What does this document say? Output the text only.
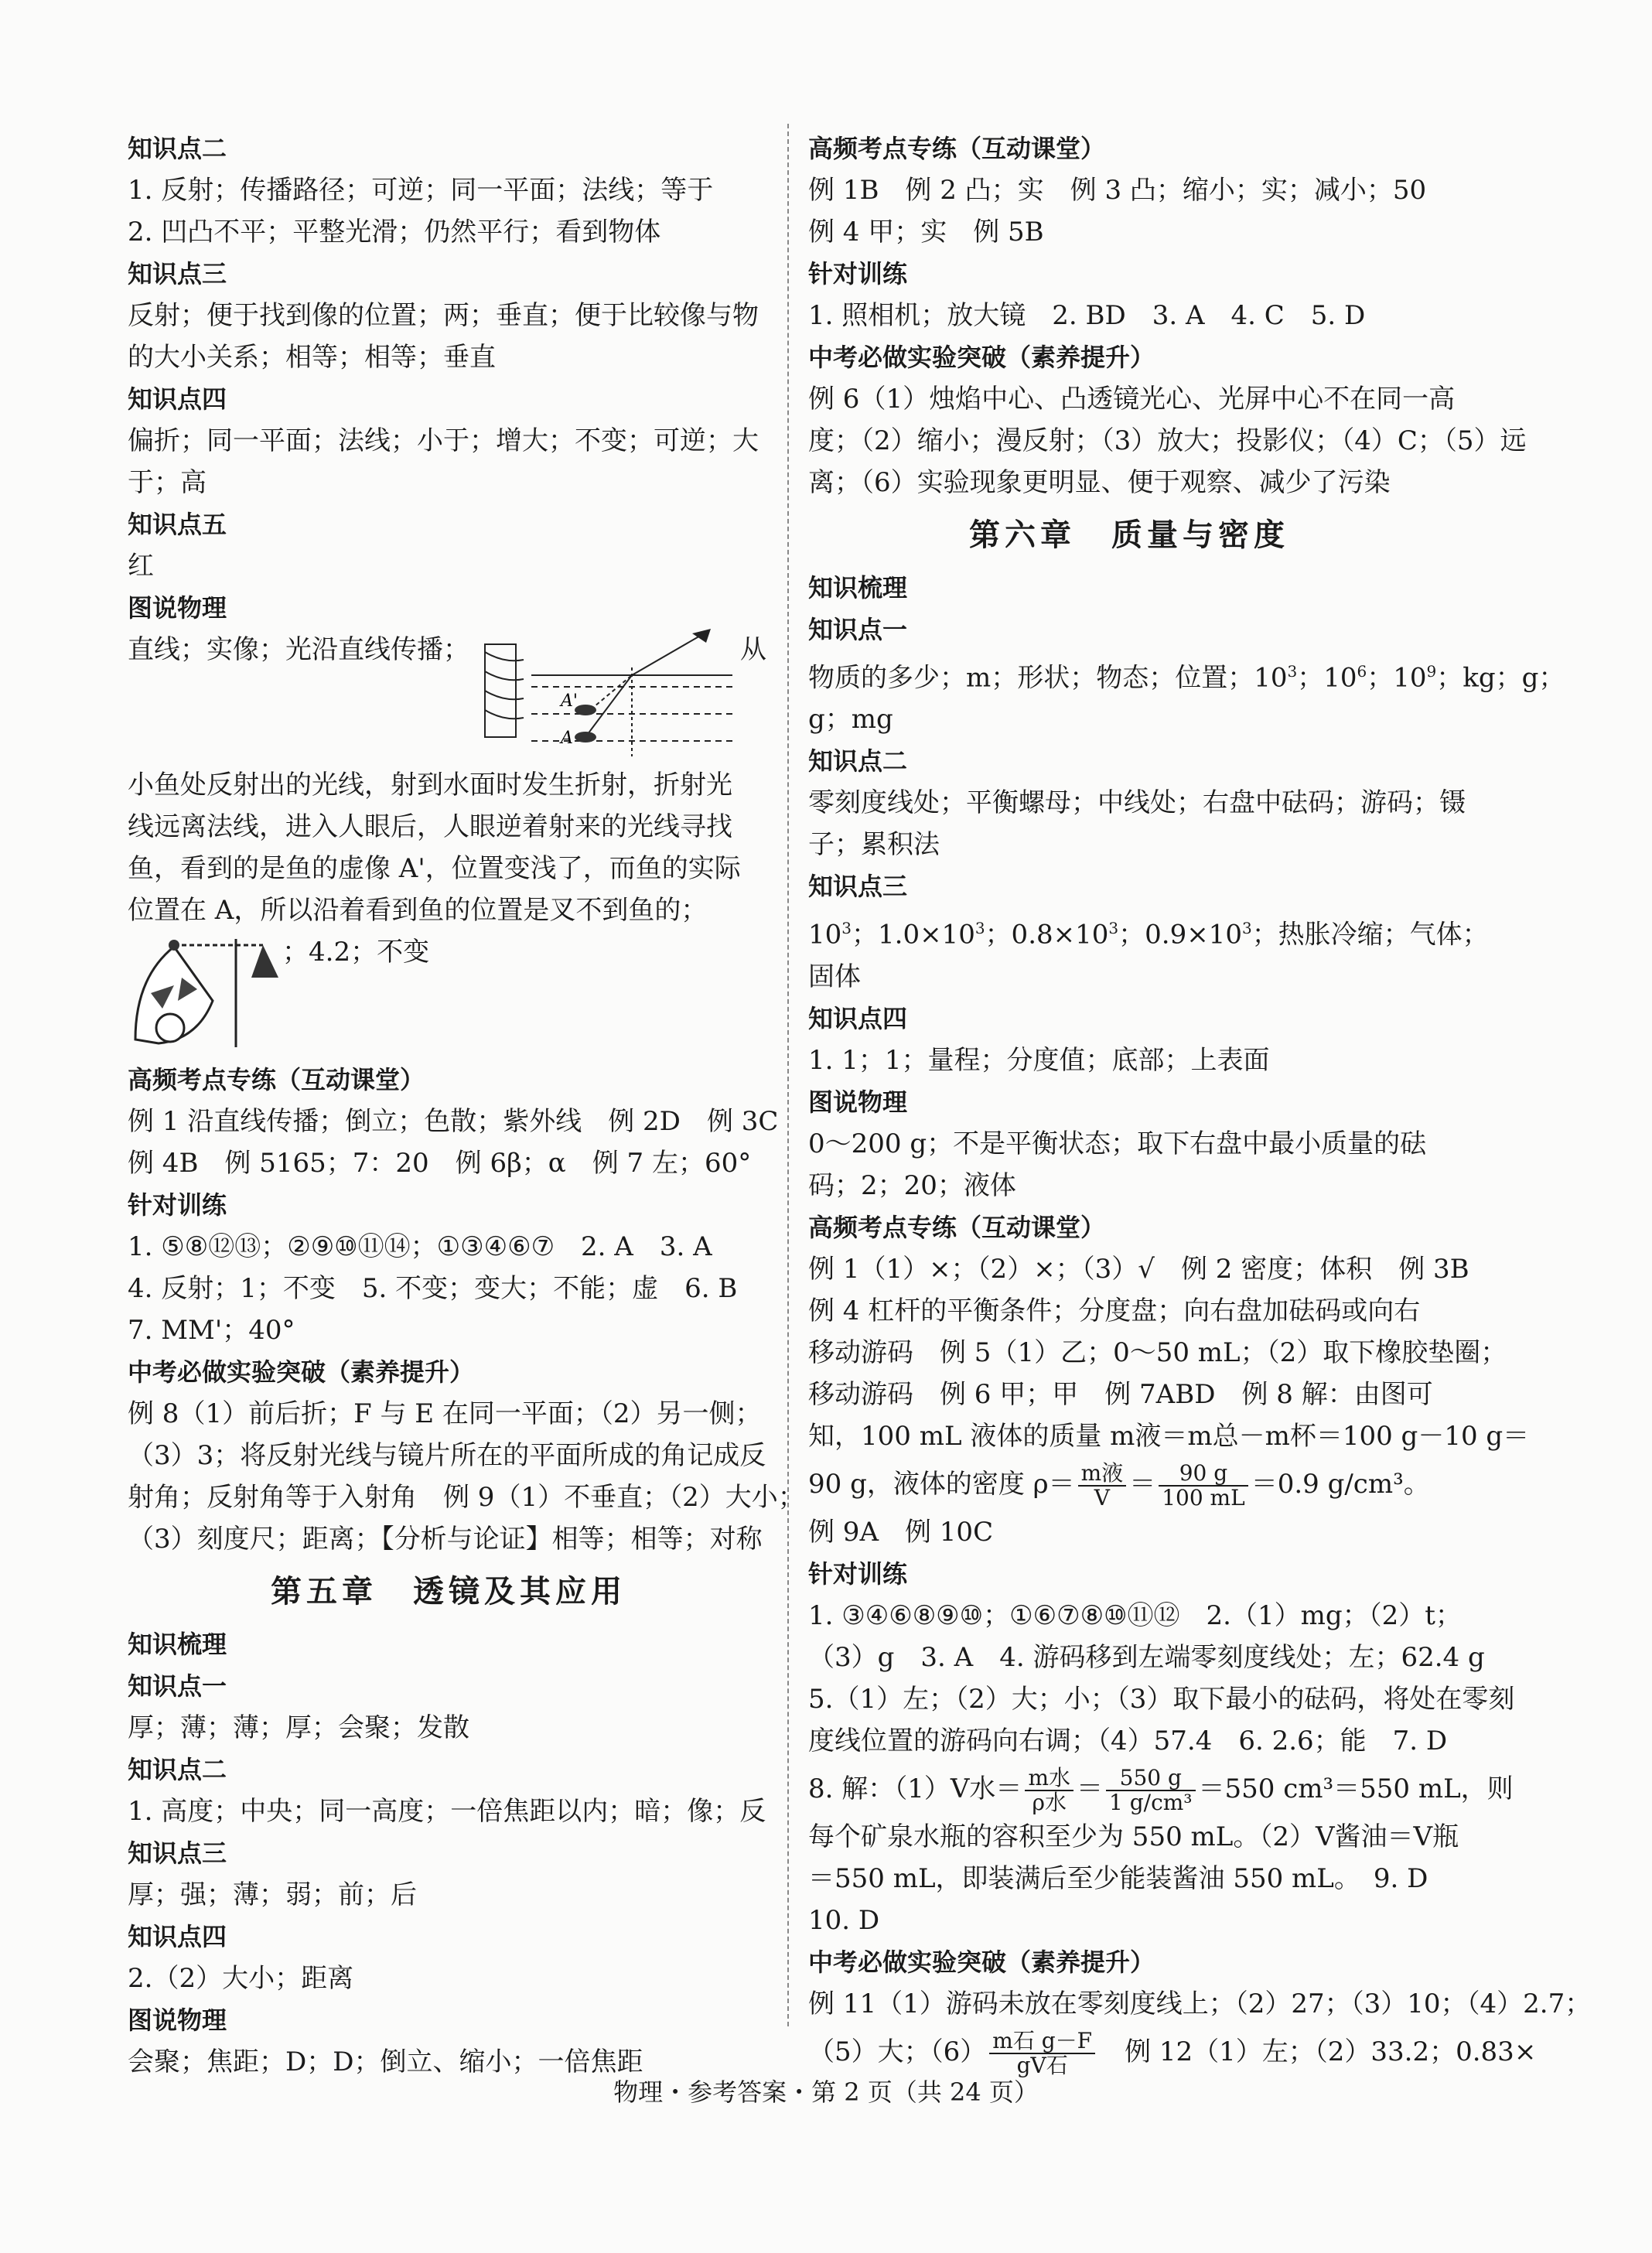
知识点二
1. 反射；传播路径；可逆；同一平面；法线；等于
2. 凹凸不平；平整光滑；仍然平行；看到物体
知识点三
反射；便于找到像的位置；两；垂直；便于比较像与物
的大小关系；相等；相等；垂直
知识点四
偏折；同一平面；法线；小于；增大；不变；可逆；大
于；高
知识点五
红
图说物理
直线；实像；光沿直线传播；
A'
A
从
小鱼处反射出的光线，射到水面时发生折射，折射光
线远离法线，进入人眼后，人眼逆着射来的光线寻找
鱼，看到的是鱼的虚像 A'，位置变浅了，而鱼的实际
位置在 A，所以沿着看到鱼的位置是叉不到鱼的；
；4.2；不变
高频考点专练（互动课堂）
例 1 沿直线传播；倒立；色散；紫外线　例 2D　例 3C
例 4B　例 5165；7：20　例 6β；α　例 7 左；60°
针对训练
1. ⑤⑧⑫⑬；②⑨⑩⑪⑭；①③④⑥⑦　2. A　3. A
4. 反射；1；不变　5. 不变；变大；不能；虚　6. B
7. MM'；40°
中考必做实验突破（素养提升）
例 8（1）前后折；F 与 E 在同一平面；（2）另一侧；
（3）3；将反射光线与镜片所在的平面所成的角记成反
射角；反射角等于入射角　例 9（1）不垂直；（2）大小；
（3）刻度尺；距离；【分析与论证】相等；相等；对称
第五章　透镜及其应用
知识梳理
知识点一
厚；薄；薄；厚；会聚；发散
知识点二
1. 高度；中央；同一高度；一倍焦距以内；暗；像；反
知识点三
厚；强；薄；弱；前；后
知识点四
2.（2）大小；距离
图说物理
会聚；焦距；D；D；倒立、缩小；一倍焦距
高频考点专练（互动课堂）
例 1B　例 2 凸；实　例 3 凸；缩小；实；减小；50
例 4 甲；实　例 5B
针对训练
1. 照相机；放大镜　2. BD　3. A　4. C　5. D
中考必做实验突破（素养提升）
例 6（1）烛焰中心、凸透镜光心、光屏中心不在同一高
度；（2）缩小；漫反射；（3）放大；投影仪；（4）C；（5）远
离；（6）实验现象更明显、便于观察、减少了污染
第六章　质量与密度
知识梳理
知识点一
物质的多少；m；形状；物态；位置；$10^3$；$10^6$；$10^9$；kg；g；
g；mg
知识点二
零刻度线处；平衡螺母；中线处；右盘中砝码；游码；镊
子；累积法
知识点三
$10^3$；$1.0\times 10^3$；$0.8\times 10^3$；$0.9\times 10^3$；热胀冷缩；气体；
固体
知识点四
1. 1；1；量程；分度值；底部；上表面
图说物理
0～200 g；不是平衡状态；取下右盘中最小质量的砝
码；2；20；液体
高频考点专练（互动课堂）
例 1（1）×；（2）×；（3）√　例 2 密度；体积　例 3B
例 4 杠杆的平衡条件；分度盘；向右盘加砝码或向右
移动游码　例 5（1）乙；0～50 mL；（2）取下橡胶垫圈；
移动游码　例 6 甲；甲　例 7ABD　例 8 解：由图可
知，100 mL 液体的质量 m液＝m总－m杯＝100 g－10 g＝
90 g，液体的密度 $\rho= \frac{\text{m液}}{V} = \frac{90 g}{100 mL} =0.9$ g/cm³。
例 9A　例 10C
针对训练
1. ③④⑥⑧⑨⑩；①⑥⑦⑧⑩⑪⑫　2.（1）mg；（2）t；
（3）g　3. A　4. 游码移到左端零刻度线处；左；62.4 g
5.（1）左；（2）大；小；（3）取下最小的砝码，将处在零刻
度线位置的游码向右调；（4）57.4　6. 2.6；能　7. D
8. 解：（1）V水＝ $\frac{\text{m水}}{\text{ρ水}} = \frac{550 g}{\text{1 g/cm³}} =550$ cm³＝550 mL，则
每个矿泉水瓶的容积至少为 550 mL。（2）V酱油＝V瓶
＝550 mL，即装满后至少能装酱油 550 mL。　9. D
10. D
中考必做实验突破（素养提升）
例 11（1）游码未放在零刻度线上；（2）27；（3）10；（4）2.7；
（5）大；$(6) \frac{\text{m石 g－F}}{\text{gV石}}$ 　例 12（1）左；（2）33.2；0.83×
物理・参考答案・第 2 页（共 24 页）
